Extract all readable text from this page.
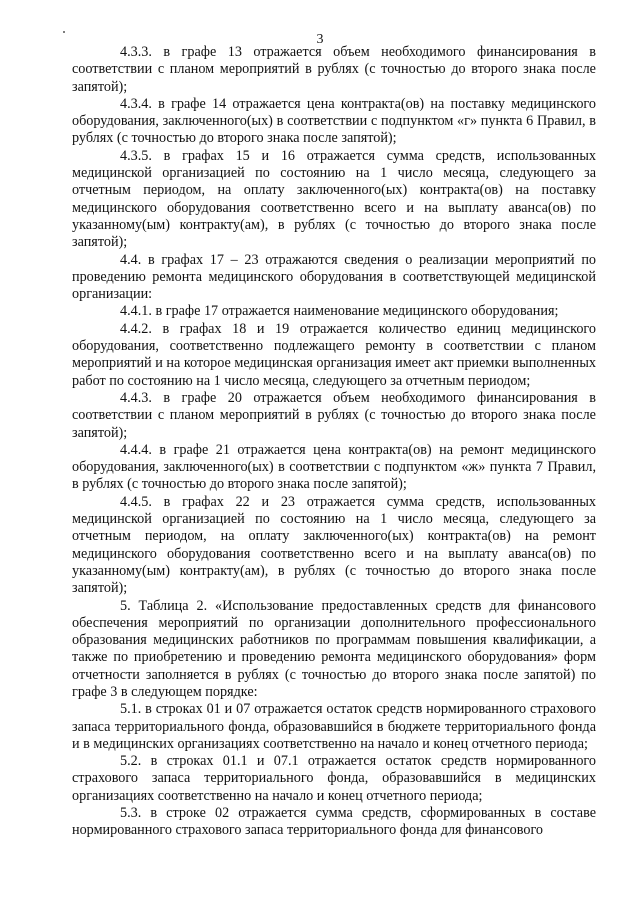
3

4.3.3. в графе 13 отражается объем необходимого финансирования в соответствии с планом мероприятий в рублях (с точностью до второго знака после запятой);

4.3.4. в графе 14 отражается цена контракта(ов) на поставку медицинского оборудования, заключенного(ых) в соответствии с подпунктом «г» пункта 6 Правил, в рублях (с точностью до второго знака после запятой);

4.3.5. в графах 15 и 16 отражается сумма средств, использованных медицинской организацией по состоянию на 1 число месяца, следующего за отчетным периодом, на оплату заключенного(ых) контракта(ов) на поставку медицинского оборудования соответственно всего и на выплату аванса(ов) по указанному(ым) контракту(ам), в рублях (с точностью до второго знака после запятой);

4.4. в графах 17 – 23 отражаются сведения о реализации мероприятий по проведению ремонта медицинского оборудования в соответствующей медицинской организации:

4.4.1. в графе 17 отражается наименование медицинского оборудования;

4.4.2. в графах 18 и 19 отражается количество единиц медицинского оборудования, соответственно подлежащего ремонту в соответствии с планом мероприятий и на которое медицинская организация имеет акт приемки выполненных работ по состоянию на 1 число месяца, следующего за отчетным периодом;

4.4.3. в графе 20 отражается объем необходимого финансирования в соответствии с планом мероприятий в рублях (с точностью до второго знака после запятой);

4.4.4. в графе 21 отражается цена контракта(ов) на ремонт медицинского оборудования, заключенного(ых) в соответствии с подпунктом «ж» пункта 7 Правил, в рублях (с точностью до второго знака после запятой);

4.4.5. в графах 22 и 23 отражается сумма средств, использованных медицинской организацией по состоянию на 1 число месяца, следующего за отчетным периодом, на оплату заключенного(ых) контракта(ов) на ремонт медицинского оборудования соответственно всего и на выплату аванса(ов) по указанному(ым) контракту(ам), в рублях (с точностью до второго знака после запятой);

5. Таблица 2. «Использование предоставленных средств для финансового обеспечения мероприятий по организации дополнительного профессионального образования медицинских работников по программам повышения квалификации, а также по приобретению и проведению ремонта медицинского оборудования» форм отчетности заполняется в рублях (с точностью до второго знака после запятой) по графе 3 в следующем порядке:

5.1. в строках 01 и 07 отражается остаток средств нормированного страхового запаса территориального фонда, образовавшийся в бюджете территориального фонда и в медицинских организациях соответственно на начало и конец отчетного периода;

5.2. в строках 01.1 и 07.1 отражается остаток средств нормированного страхового запаса территориального фонда, образовавшийся в медицинских организациях соответственно на начало и конец отчетного периода;

5.3. в строке 02 отражается сумма средств, сформированных в составе нормированного страхового запаса территориального фонда для финансового
